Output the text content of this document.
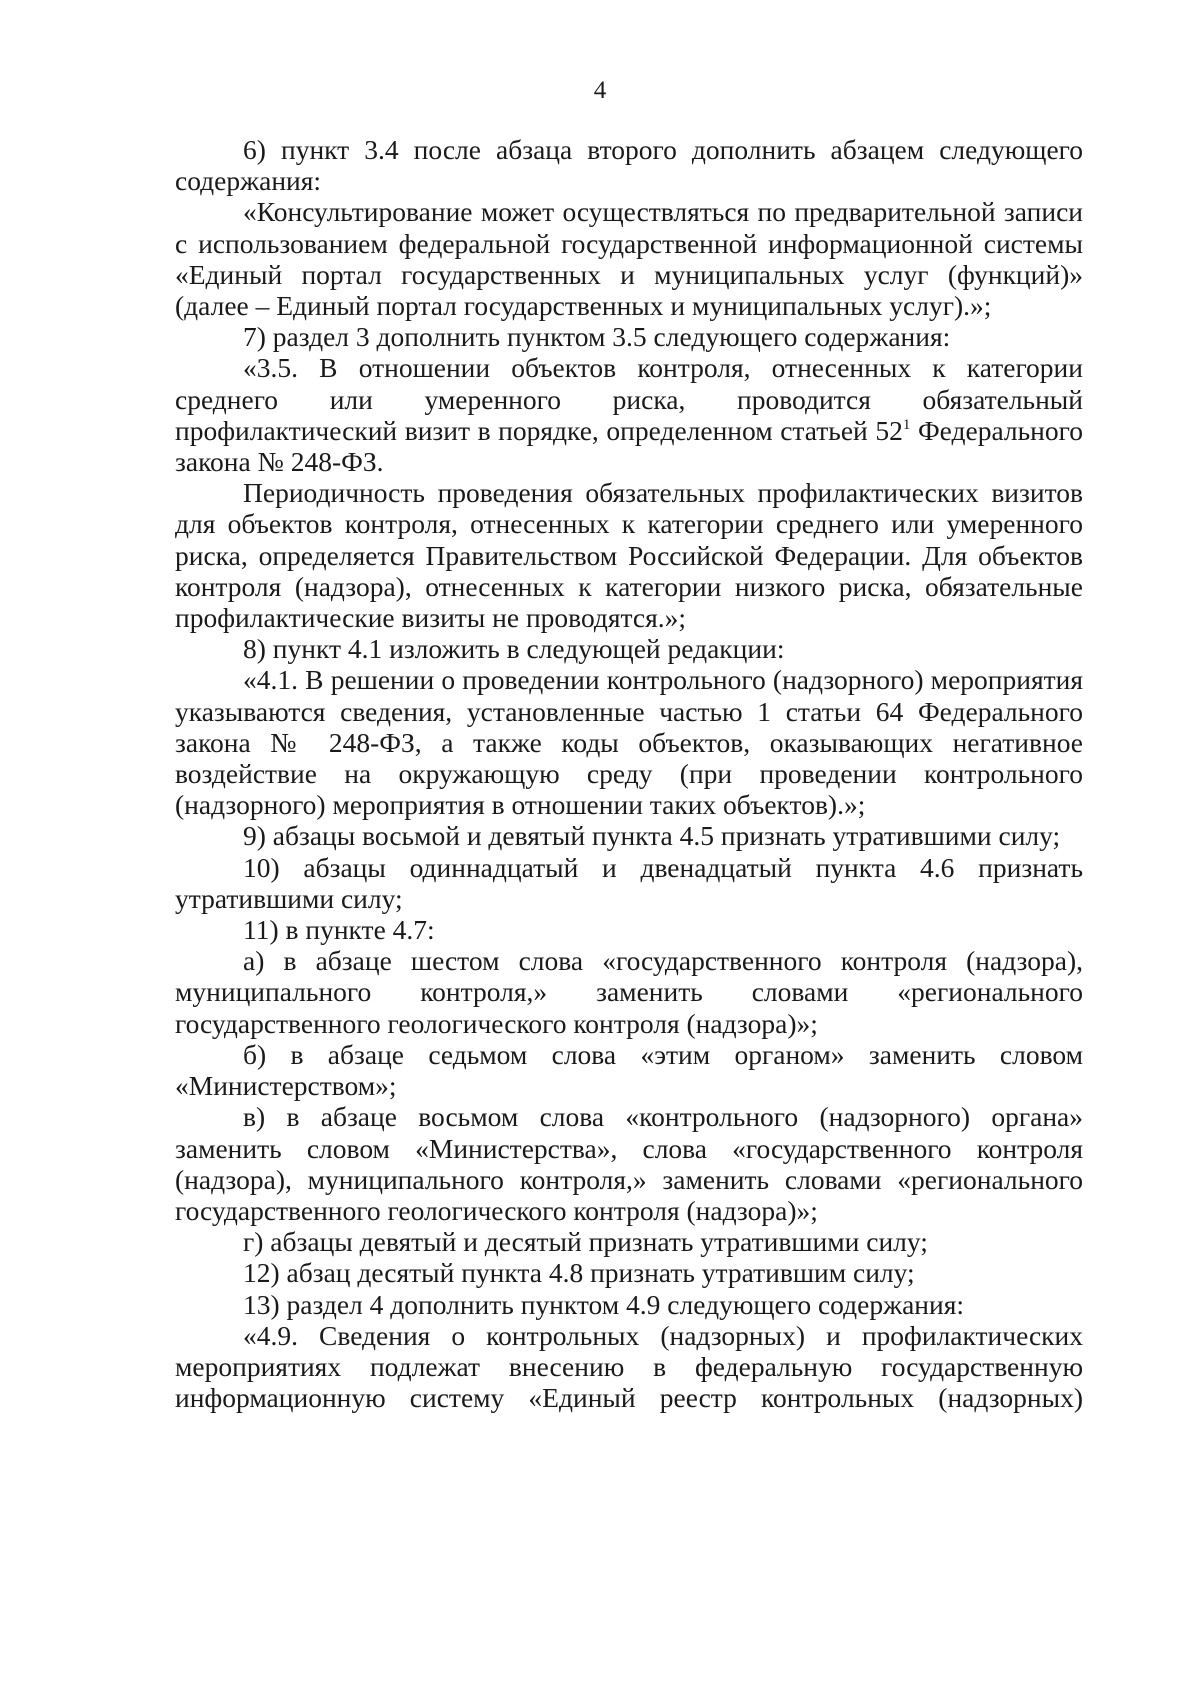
4

6) пункт 3.4 после абзаца второго дополнить абзацем следующего содержания:

«Консультирование может осуществляться по предварительной записи с использованием федеральной государственной информационной системы «Единый портал государственных и муниципальных услуг (функций)» (далее – Единый портал государственных и муниципальных услуг).»;

7) раздел 3 дополнить пунктом 3.5 следующего содержания:

«3.5. В отношении объектов контроля, отнесенных к категории среднего или умеренного риска, проводится обязательный профилактический визит в порядке, определенном статьей $52^1$ Федерального закона № 248-ФЗ.

Периодичность проведения обязательных профилактических визитов для объектов контроля, отнесенных к категории среднего или умеренного риска, определяется Правительством Российской Федерации. Для объектов контроля (надзора), отнесенных к категории низкого риска, обязательные профилактические визиты не проводятся.»;

8) пункт 4.1 изложить в следующей редакции:

«4.1. В решении о проведении контрольного (надзорного) мероприятия указываются сведения, установленные частью 1 статьи 64 Федерального закона № 248-ФЗ, а также коды объектов, оказывающих негативное воздействие на окружающую среду (при проведении контрольного (надзорного) мероприятия в отношении таких объектов).»;

9) абзацы восьмой и девятый пункта 4.5 признать утратившими силу;

10) абзацы одиннадцатый и двенадцатый пункта 4.6 признать утратившими силу;

11) в пункте 4.7:

а) в абзаце шестом слова «государственного контроля (надзора), муниципального контроля,» заменить словами «регионального государственного геологического контроля (надзора)»;

б) в абзаце седьмом слова «этим органом» заменить словом «Министерством»;

в) в абзаце восьмом слова «контрольного (надзорного) органа» заменить словом «Министерства», слова «государственного контроля (надзора), муниципального контроля,» заменить словами «регионального государственного геологического контроля (надзора)»;

г) абзацы девятый и десятый признать утратившими силу;

12) абзац десятый пункта 4.8 признать утратившим силу;

13) раздел 4 дополнить пунктом 4.9 следующего содержания:

«4.9. Сведения о контрольных (надзорных) и профилактических мероприятиях подлежат внесению в федеральную государственную информационную систему «Единый реестр контрольных (надзорных)
